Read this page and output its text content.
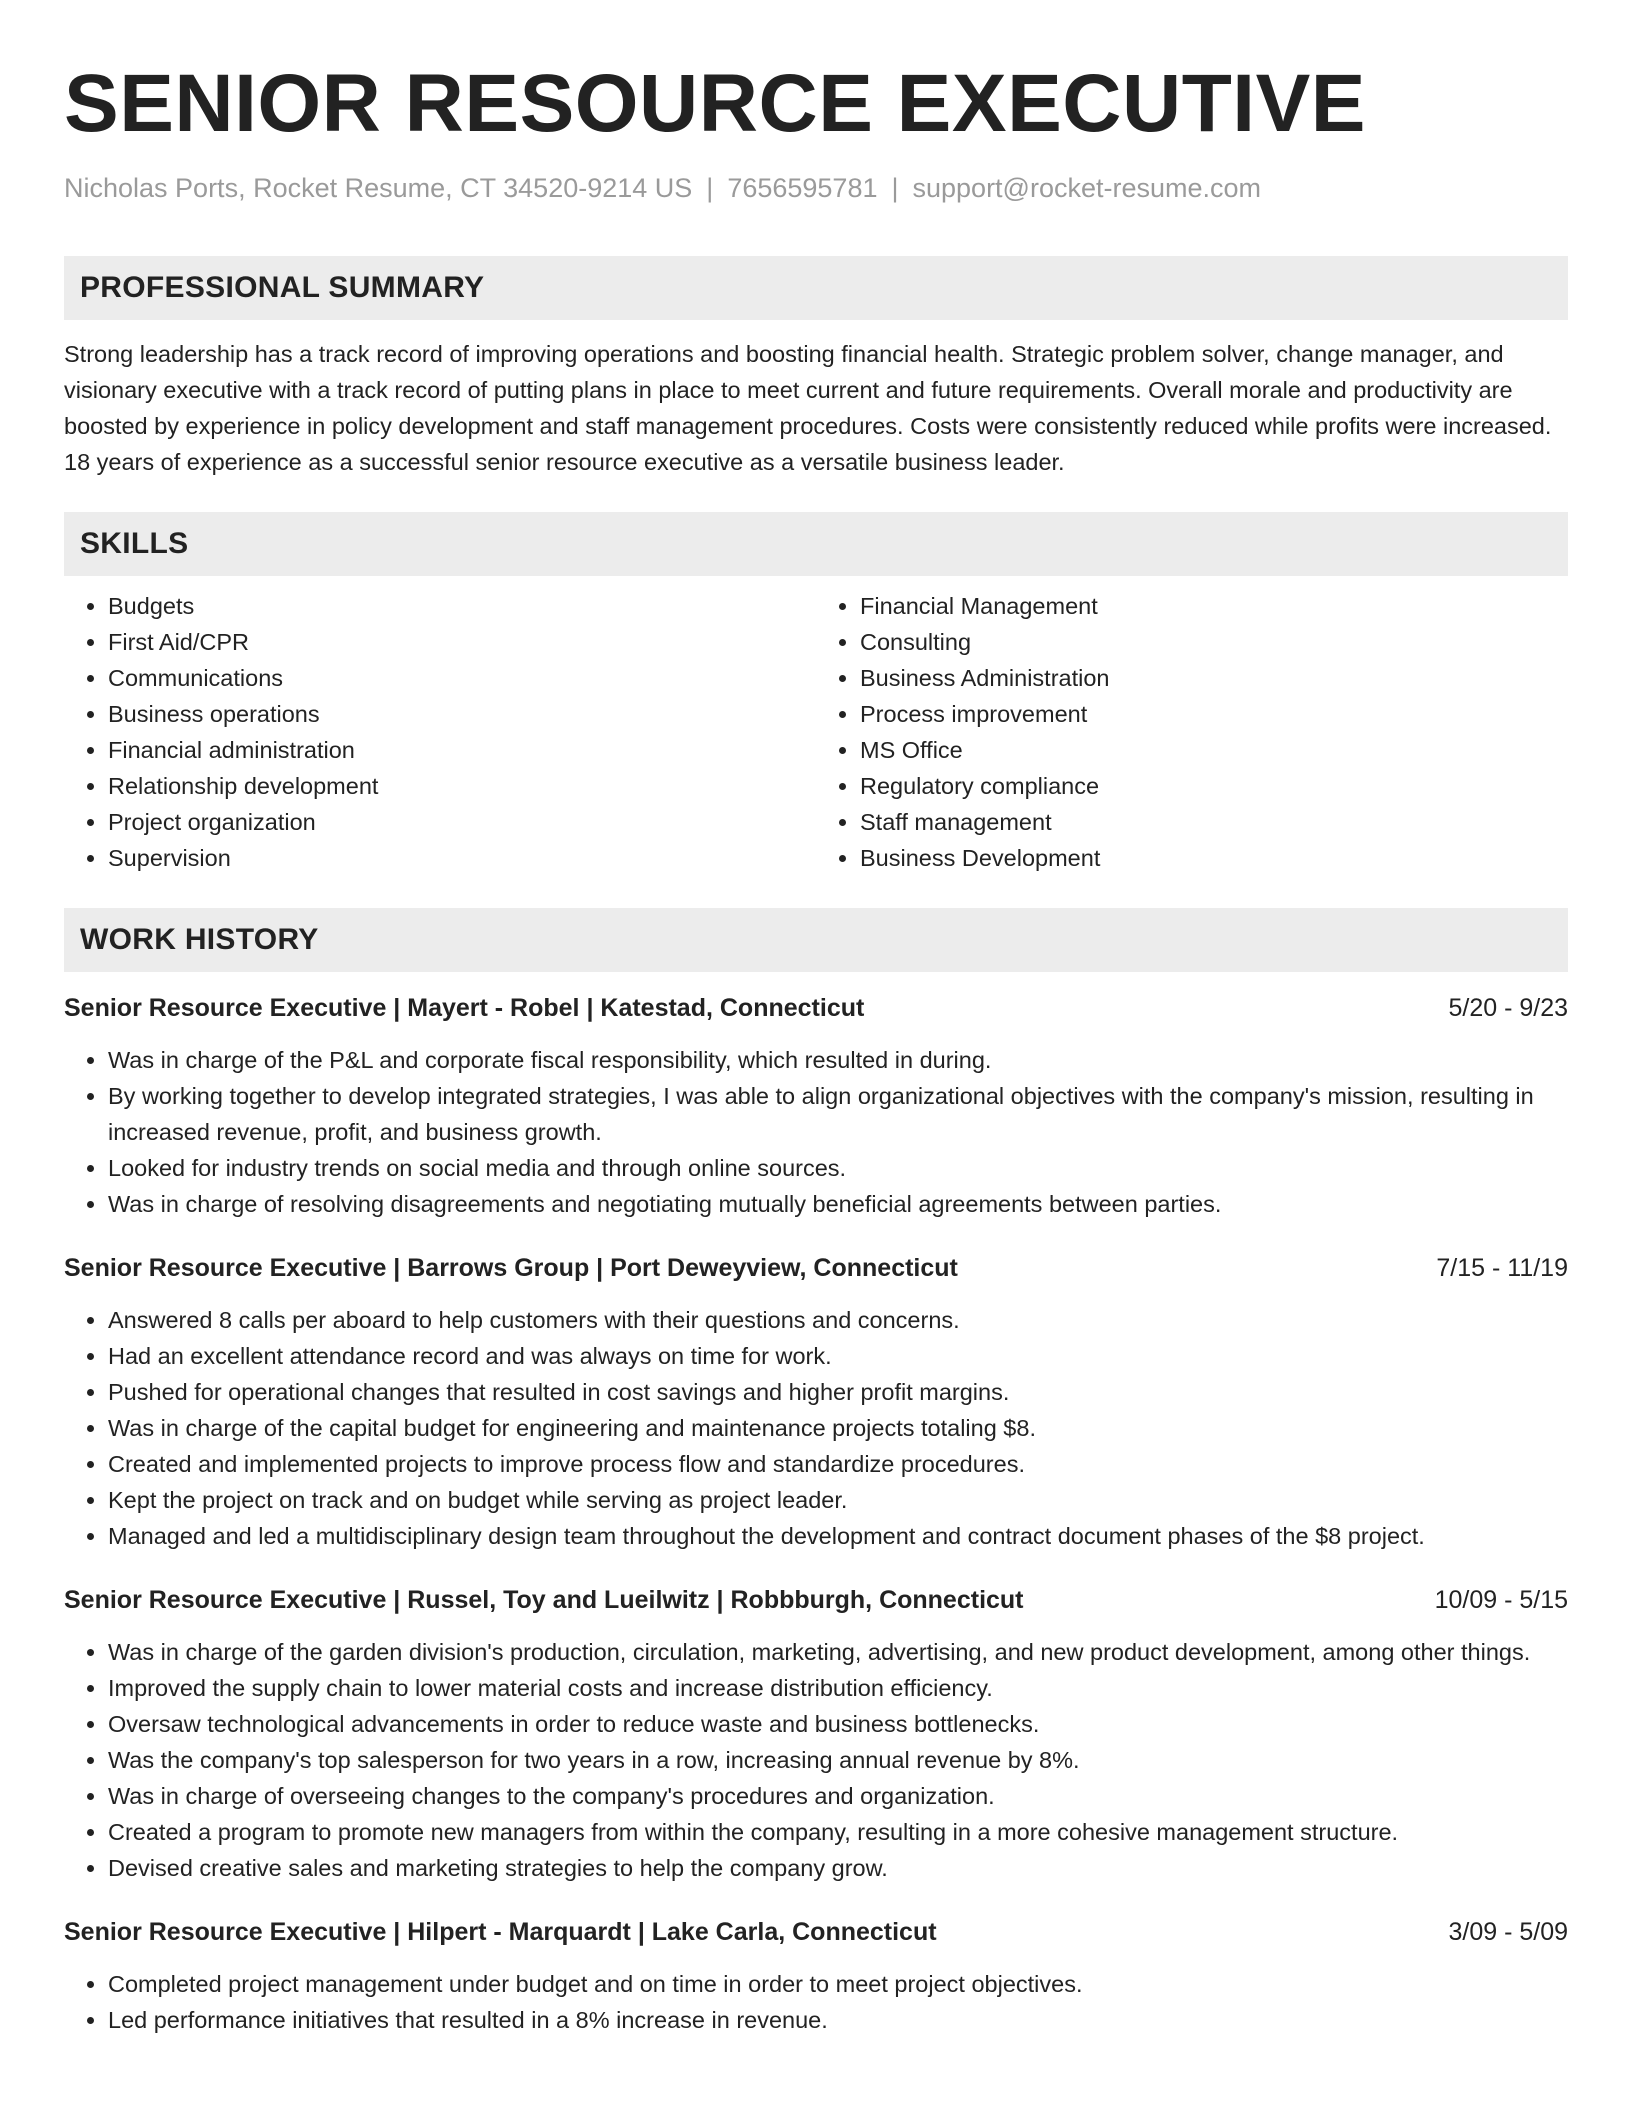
SENIOR RESOURCE EXECUTIVE
Nicholas Ports, Rocket Resume, CT 34520-9214 US | 7656595781 | support@rocket-resume.com
PROFESSIONAL SUMMARY

Strong leadership has a track record of improving operations and boosting financial health. Strategic problem solver, change manager, and visionary executive with a track record of putting plans in place to meet current and future requirements. Overall morale and productivity are boosted by experience in policy development and staff management procedures. Costs were consistently reduced while profits were increased. 18 years of experience as a successful senior resource executive as a versatile business leader.

SKILLS
• Budgets
• First Aid/CPR
• Communications
• Business operations
• Financial administration
• Relationship development
• Project organization
• Supervision
• Financial Management
• Consulting
• Business Administration
• Process improvement
• MS Office
• Regulatory compliance
• Staff management
• Business Development
WORK HISTORY
Senior Resource Executive | Mayert - Robel | Katestad, Connecticut	5/20 - 9/23
• Was in charge of the P&L and corporate fiscal responsibility, which resulted in during.
• By working together to develop integrated strategies, I was able to align organizational objectives with the company's mission, resulting in increased revenue, profit, and business growth.
• Looked for industry trends on social media and through online sources.
• Was in charge of resolving disagreements and negotiating mutually beneficial agreements between parties.
Senior Resource Executive | Barrows Group | Port Deweyview, Connecticut	7/15 - 11/19
• Answered 8 calls per aboard to help customers with their questions and concerns.
• Had an excellent attendance record and was always on time for work.
• Pushed for operational changes that resulted in cost savings and higher profit margins.
• Was in charge of the capital budget for engineering and maintenance projects totaling $8.
• Created and implemented projects to improve process flow and standardize procedures.
• Kept the project on track and on budget while serving as project leader.
• Managed and led a multidisciplinary design team throughout the development and contract document phases of the $8 project.
Senior Resource Executive | Russel, Toy and Lueilwitz | Robbburgh, Connecticut	10/09 - 5/15
• Was in charge of the garden division's production, circulation, marketing, advertising, and new product development, among other things.
• Improved the supply chain to lower material costs and increase distribution efficiency.
• Oversaw technological advancements in order to reduce waste and business bottlenecks.
• Was the company's top salesperson for two years in a row, increasing annual revenue by 8%.
• Was in charge of overseeing changes to the company's procedures and organization.
• Created a program to promote new managers from within the company, resulting in a more cohesive management structure.
• Devised creative sales and marketing strategies to help the company grow.
Senior Resource Executive | Hilpert - Marquardt | Lake Carla, Connecticut	3/09 - 5/09
• Completed project management under budget and on time in order to meet project objectives.
• Led performance initiatives that resulted in a 8% increase in revenue.
